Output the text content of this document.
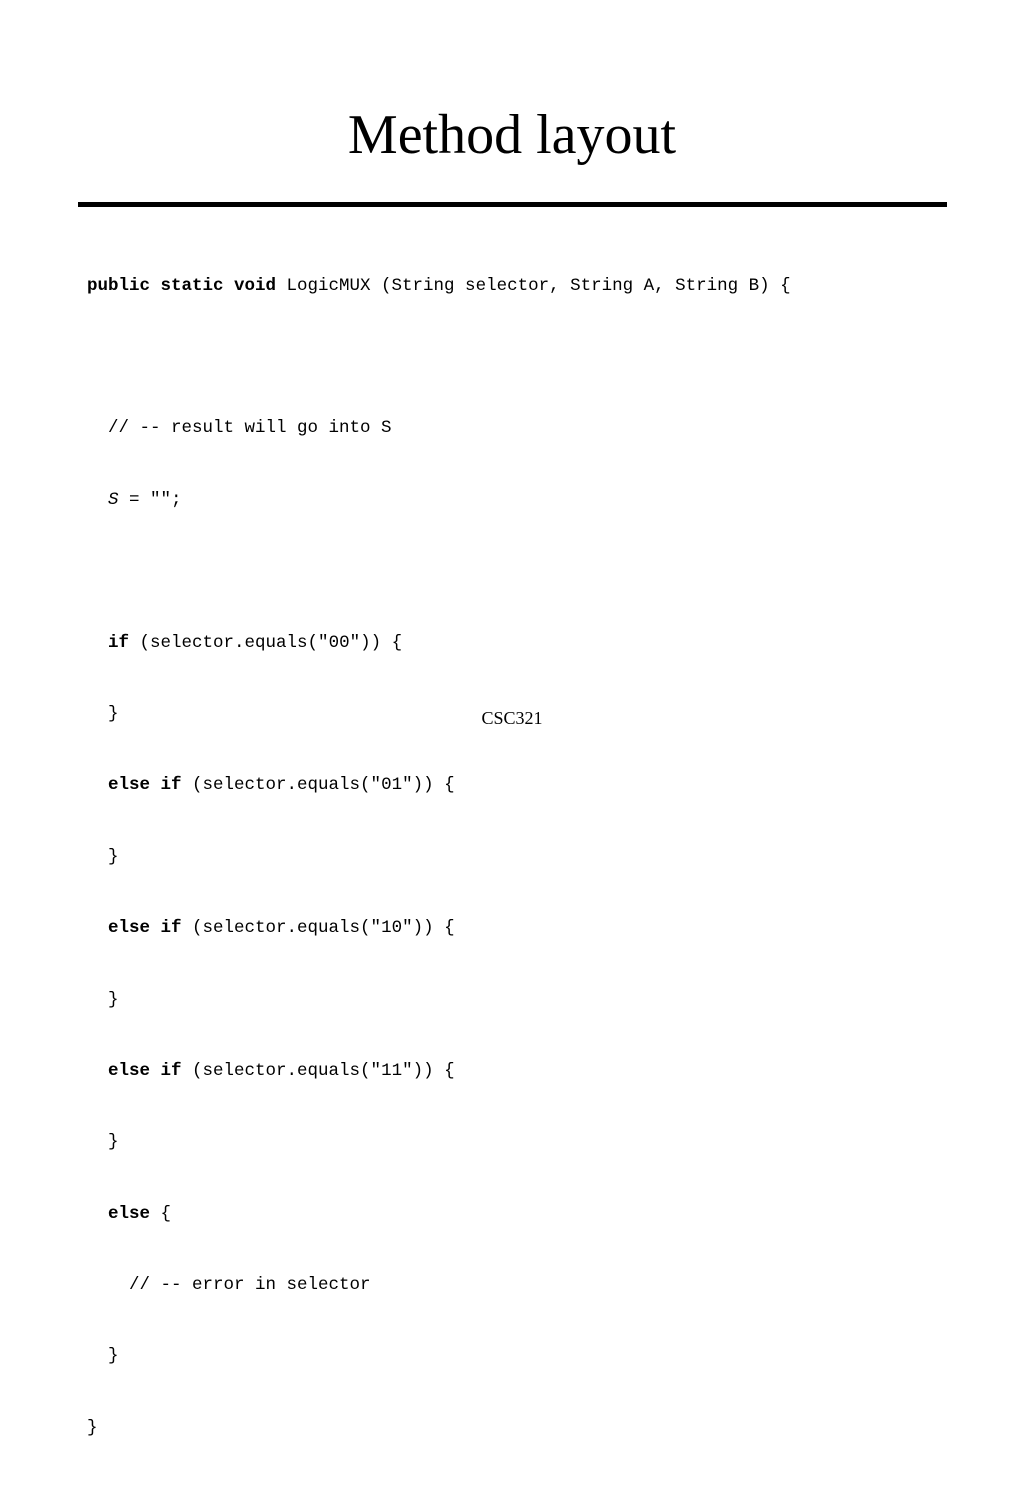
Method layout

public static void LogicMUX (String selector, String A, String B) {

// -- result will go into S

S = "";

if (selector.equals("00")) {

}

else if (selector.equals("01")) {

}

else if (selector.equals("10")) {

}

else if (selector.equals("11")) {

}

else {

// -- error in selector

}

}

CSC321
